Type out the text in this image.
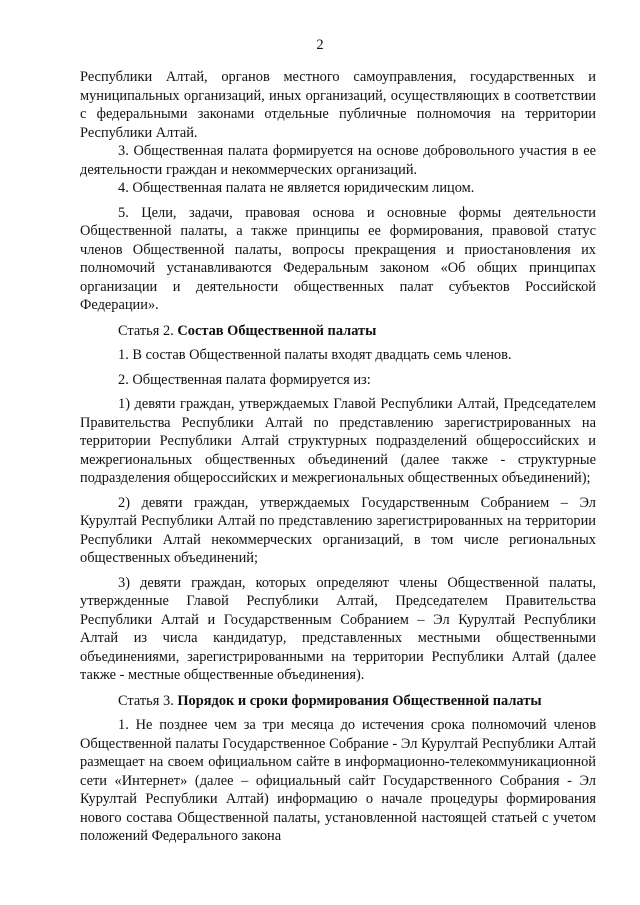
2

Республики Алтай, органов местного самоуправления, государственных и муниципальных организаций, иных организаций, осуществляющих в соответствии с федеральными законами отдельные публичные полномочия на территории Республики Алтай.

3. Общественная палата формируется на основе добровольного участия в ее деятельности граждан и некоммерческих организаций.

4. Общественная палата не является юридическим лицом.

5. Цели, задачи, правовая основа и основные формы деятельности Общественной палаты, а также принципы ее формирования, правовой статус членов Общественной палаты, вопросы прекращения и приостановления их полномочий устанавливаются Федеральным законом «Об общих принципах организации и деятельности общественных палат субъектов Российской Федерации».

Статья 2. Состав Общественной палаты

1. В состав Общественной палаты входят двадцать семь членов.

2. Общественная палата формируется из:

1) девяти граждан, утверждаемых Главой Республики Алтай, Председателем Правительства Республики Алтай по представлению зарегистрированных на территории Республики Алтай структурных подразделений общероссийских и межрегиональных общественных объединений (далее также - структурные подразделения общероссийских и межрегиональных общественных объединений);

2) девяти граждан, утверждаемых Государственным Собранием – Эл Курултай Республики Алтай по представлению зарегистрированных на территории Республики Алтай некоммерческих организаций, в том числе региональных общественных объединений;

3) девяти граждан, которых определяют члены Общественной палаты, утвержденные Главой Республики Алтай, Председателем Правительства Республики Алтай и Государственным Собранием – Эл Курултай Республики Алтай из числа кандидатур, представленных местными общественными объединениями, зарегистрированными на территории Республики Алтай (далее также - местные общественные объединения).

Статья 3. Порядок и сроки формирования Общественной палаты

1. Не позднее чем за три месяца до истечения срока полномочий членов Общественной палаты Государственное Собрание - Эл Курултай Республики Алтай размещает на своем официальном сайте в информационно-телекоммуникационной сети «Интернет» (далее – официальный сайт Государственного Собрания - Эл Курултай Республики Алтай) информацию о начале процедуры формирования нового состава Общественной палаты, установленной настоящей статьей с учетом положений Федерального закона
